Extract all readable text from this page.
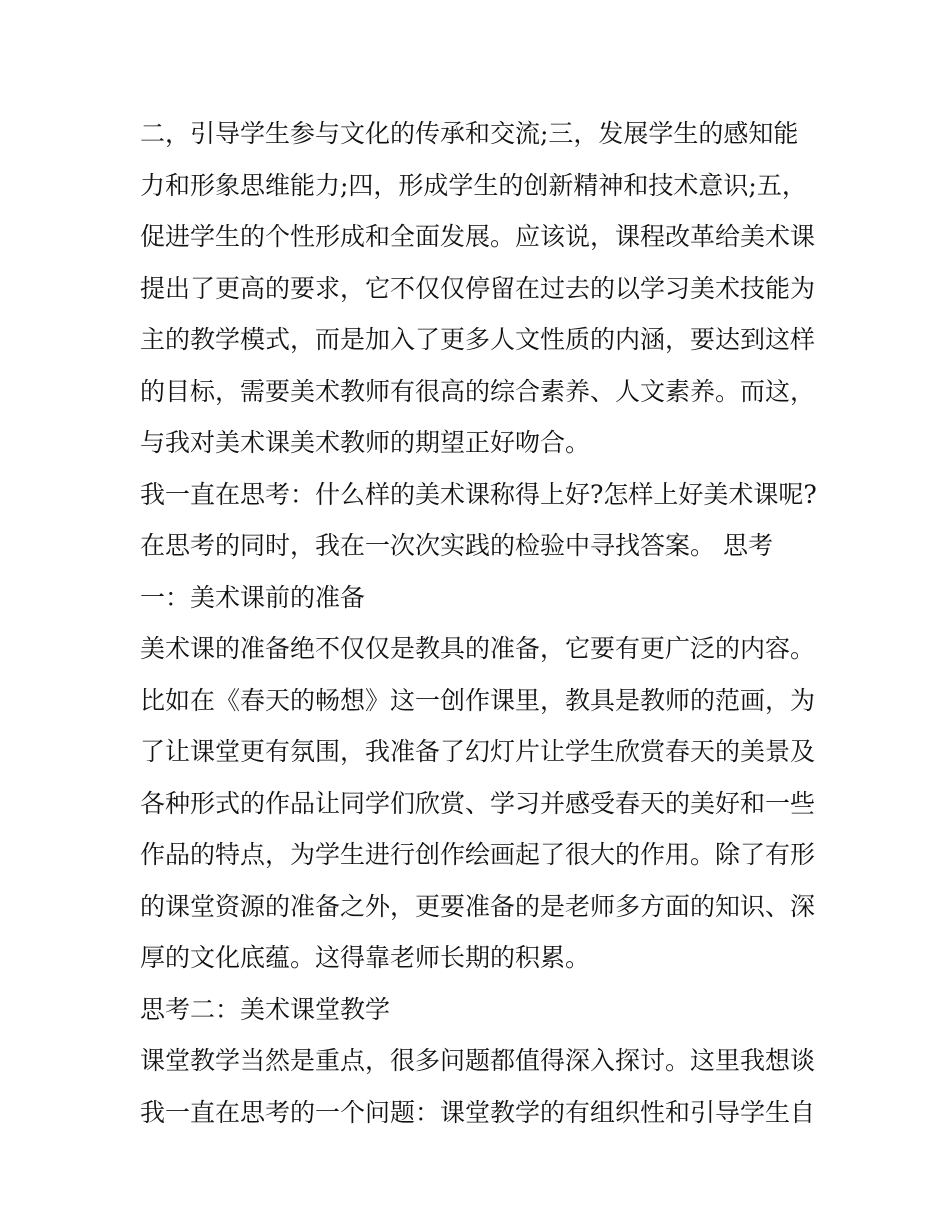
二，引导学生参与文化的传承和交流;三，发展学生的感知能
力和形象思维能力;四，形成学生的创新精神和技术意识;五，
促进学生的个性形成和全面发展。应该说，课程改革给美术课
提出了更高的要求，它不仅仅停留在过去的以学习美术技能为
主的教学模式，而是加入了更多人文性质的内涵，要达到这样
的目标，需要美术教师有很高的综合素养、人文素养。而这，
与我对美术课美术教师的期望正好吻合。
我一直在思考：什么样的美术课称得上好?怎样上好美术课呢?
在思考的同时，我在一次次实践的检验中寻找答案。 思考
一：美术课前的准备
美术课的准备绝不仅仅是教具的准备，它要有更广泛的内容。
比如在《春天的畅想》这一创作课里，教具是教师的范画，为
了让课堂更有氛围，我准备了幻灯片让学生欣赏春天的美景及
各种形式的作品让同学们欣赏、学习并感受春天的美好和一些
作品的特点，为学生进行创作绘画起了很大的作用。除了有形
的课堂资源的准备之外，更要准备的是老师多方面的知识、深
厚的文化底蕴。这得靠老师长期的积累。
思考二：美术课堂教学
课堂教学当然是重点，很多问题都值得深入探讨。这里我想谈
我一直在思考的一个问题：课堂教学的有组织性和引导学生自
